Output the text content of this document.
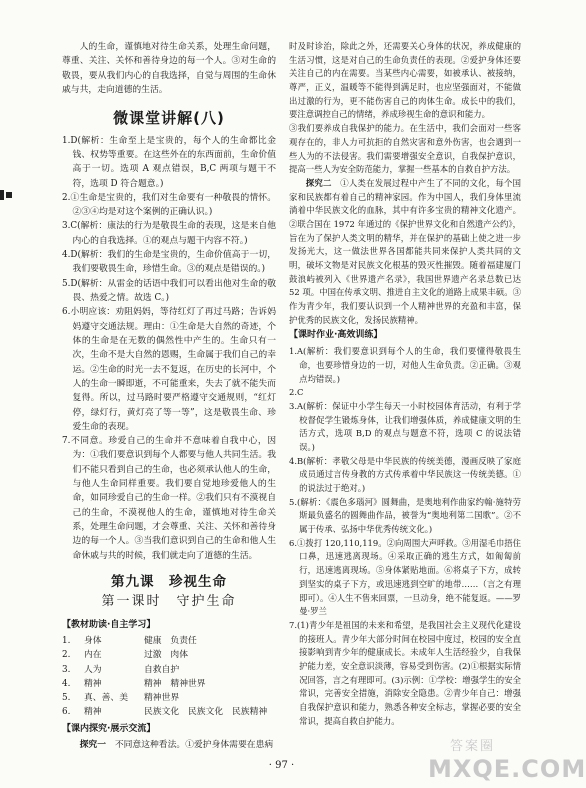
人的生命，谨慎地对待生命关系，处理生命问题，尊重、关注、关怀和善待身边的每一个人。③对生命的敬畏，要从我们内心的自我选择，自觉与周围的生命休戚与共，走向道德的生活。

微课堂讲解(八)

1.D(解析：生命至上是宝贵的，每个人的生命都比金钱、权势等重要。在这些外在的东西面前，生命价值高于一切。选项 A 观点错误，B,C 两项与题干不符，选项 D 符合题意。)

2.①生命是宝贵的，我们对生命要有一种敬畏的情怀。②③④均是对这个案例的正确认识。)

3.C(解析：康法的行为是敬畏生命的表现，这是来自他内心的自我选择。①的观点与题干内容不符。)

4.D(解析：我们的生命是宝贵的，生命价值高于一切，我们要敬畏生命，珍惜生命。③的观点是错误的。)

5.D(解析：从雷金的话语中我们可以看出他对生命的敬畏、热爱之情。故选 C。)

6.小明应该：劝阻妈妈，等待红灯了再过马路；告诉妈妈遵守交通法规。理由：①生命是大自然的奇迹，个体的生命是在无数的偶然性中产生的。生命只有一次，生命不是大自然的恩赐，生命属于我们自己的幸运。②生命的时光一去不复返，在历史的长河中，个人的生命一瞬即逝，不可能重来，失去了就不能失而复得。所以，过马路时要严格遵守交通规则，“红灯停，绿灯行，黄灯亮了等一等”，这是敬畏生命、珍爱生命的表现。

7.不同意。珍爱自己的生命并不意味着自我中心，因为：①我们要意识到每个人都要与他人共同生活。我们不能只看到自己的生命，也必须承认他人的生命，与他人生命同样重要。我们要自觉地珍爱他人的生命，如同珍爱自己的生命一样。②我们只有不漠视自己的生命，不漠视他人的生命，谨慎地对待生命关系，处理生命问题，才会尊重、关注、关怀和善待身边的每一个人。③当我们意识到自己的生命和他人生命休戚与共的时候，我们就走向了道德的生活。

第九课　珍视生命
第一课时　守护生命
【教材助读·自主学习】
1.	身体	健康　负责任
2.	内在	过激　肉体
3.	人为	自救自护
4.	精神	精神　精神世界
5.	真、善、美	精神世界
6.	精神	民族文化　民族文化　民族精神
【课内探究·展示交流】

探究一　 不同意这种看法。①爱护身体需要在患病

时及时诊治，除此之外，还需要关心身体的状况，养成健康的生活习惯，这是对自己的生命负责任的表现。②爱护身体还要关注自己的内在需要。当某些内心需要，如被承认、被接纳，尊严，正义，温暖等不能得到满足时，也应坚强面对，不能做出过激的行为，更不能伤害自己的肉体生命。成长中的我们，要注意调控自己的情绪，养成珍视生命的意识和能力。

③我们要养成自我保护的能力。在生活中，我们会面对一些客观存在的，非人力可抗拒的自然灾害和意外伤害，也会遇到一些人为的不法侵害。我们需要增强安全意识，自我保护意识，提高一些人为安全防范能力，掌握一些基本的自救自护方法。

探究二　 ①人类在发展过程中产生了不同的文化，每个国家和民族都有着自己的精神家园。作为中国人，我们身体里流淌着中华民族文化的血脉，其中有许多宝贵的精神文化遗产。②联合国在 1972 年通过的《保护世界文化和自然遗产公约》，旨在为了保护人类文明的精华，并在保护的基础上使之进一步发扬光大，这一做法世界各国都能共同来保护人类共同的文明，破坏文物是对民族文化根基的毁灭性摧毁。随着福建厦门鼓浪屿被列入《世界遗产名录》，我国世界遗产名录总数已达 52 项。中国在传承文明、推进自主文化的道路上成果丰硕。③作为青少年，我们要认识到一个人精神世界的充盈和丰富，保护优秀的民族文化，发扬民族精神。

【课时作业·高效训练】

1.A(解析：我们要意识到每个人的生命，我们要懂得敬畏生命，也要珍惜身边的一切，对他人生命负责。②正确。③观点均错误。)

2.C

3.A(解析：保证中小学生每天一小时校园体育活动，有利于学校督促学生锻炼身体，让我们增强体质，养成健康文明的生活方式，选项 B,D 的观点与题意不符，选项 C 的说法错误。)

4.B(解析：孝敬父母是中华民族的传统美德，漫画反映了家庭成员通过言传身教的方式传承着中华民族这一传统美德。①的说法过于绝对。)

5.(解析：《震色多瑙河》圆舞曲，是奥地利作曲家约翰·施特劳斯最负盛名的圆舞曲作品，被誉为“奥地利第二国歌”。②不属于传承、弘扬中华优秀传统文化。)

6.①拨打 120,110,119。②向周围大声呼救。③用湿毛巾捂住口鼻，迅速逃离现场。④采取正确的逃生方式，如匍匐前行，迅速逃离现场。⑤身体紧贴地面。⑥将桌子下方，成转到坚实的桌子下方，或迅速逃到空旷的地带……（言之有理即可）。④人生不售来回票，一旦动身，绝不能复返。——罗曼·罗兰

7.(1)青少年是祖国的未来和希望，是我国社会主义现代化建设的接班人。青少年大部分时间在校园中度过，校园的安全直接影响到青少年的健康成长。未成年人生活经验少，自我保护能力差，安全意识淡薄，容易受到伤害。(2)①根据实际情况回答，言之有理即可。(3)示例：①学校：增强学生的安全常识，完善安全措施，消除安全隐患。②青少年自己：增强自我保护意识和能力，熟悉各种安全标志，掌握必要的安全常识，提高自救自护能力。

· 97 ·
答案圈
MXQE.COM
